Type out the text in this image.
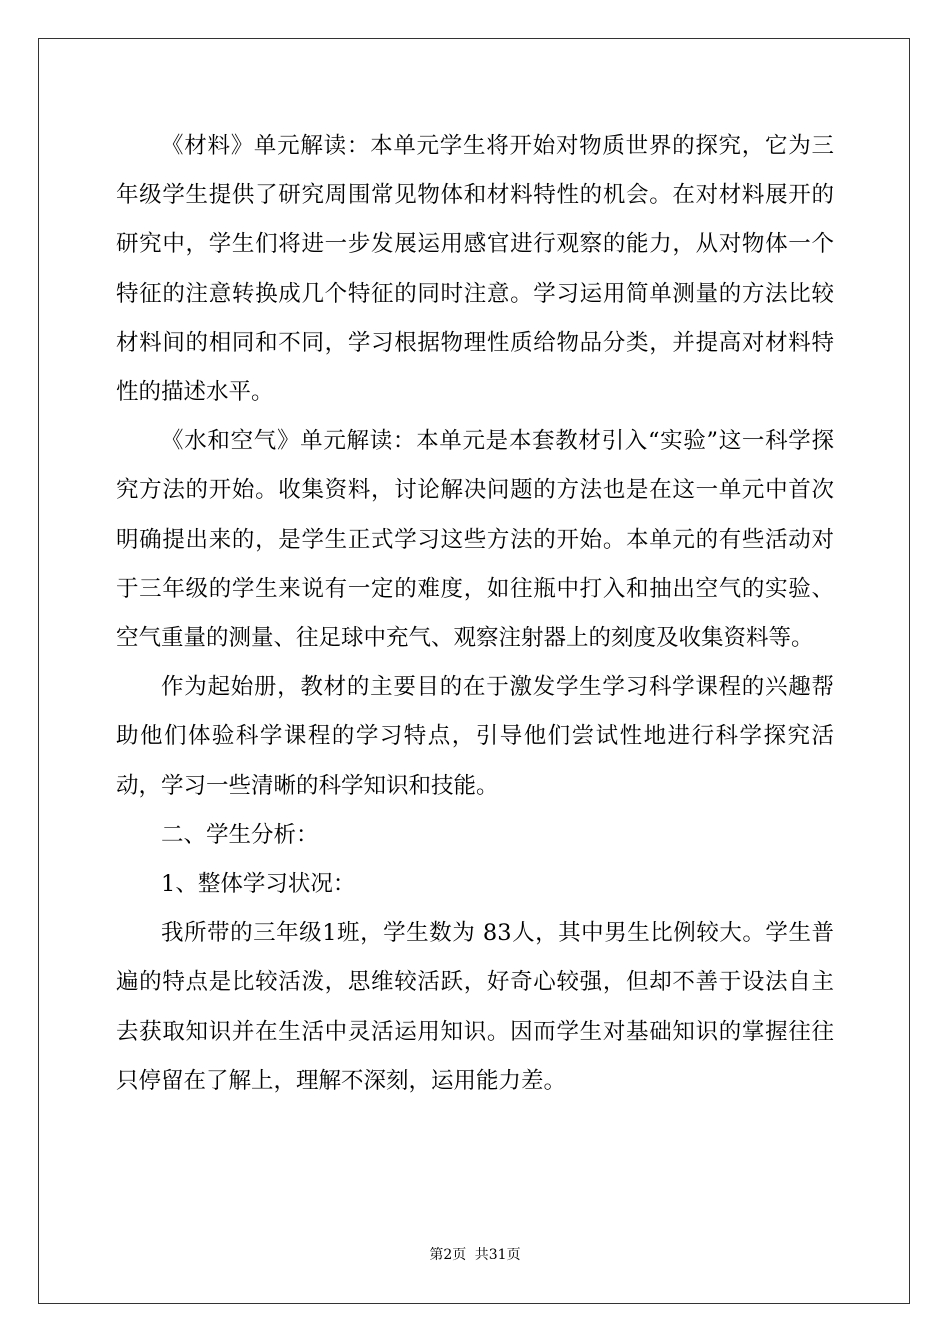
《材料》单元解读：本单元学生将开始对物质世界的探究，它为三年级学生提供了研究周围常见物体和材料特性的机会。在对材料展开的研究中，学生们将进一步发展运用感官进行观察的能力，从对物体一个特征的注意转换成几个特征的同时注意。学习运用简单测量的方法比较材料间的相同和不同，学习根据物理性质给物品分类，并提高对材料特性的描述水平。

《水和空气》单元解读：本单元是本套教材引入“实验”这一科学探究方法的开始。收集资料，讨论解决问题的方法也是在这一单元中首次明确提出来的，是学生正式学习这些方法的开始。本单元的有些活动对于三年级的学生来说有一定的难度，如往瓶中打入和抽出空气的实验、空气重量的测量、往足球中充气、观察注射器上的刻度及收集资料等。

作为起始册，教材的主要目的在于激发学生学习科学课程的兴趣帮助他们体验科学课程的学习特点，引导他们尝试性地进行科学探究活动，学习一些清晰的科学知识和技能。

二、学生分析：

1、整体学习状况：

我所带的三年级1班，学生数为 83人，其中男生比例较大。学生普遍的特点是比较活泼，思维较活跃，好奇心较强，但却不善于设法自主去获取知识并在生活中灵活运用知识。因而学生对基础知识的掌握往往只停留在了解上，理解不深刻，运用能力差。

第2页 共31页
